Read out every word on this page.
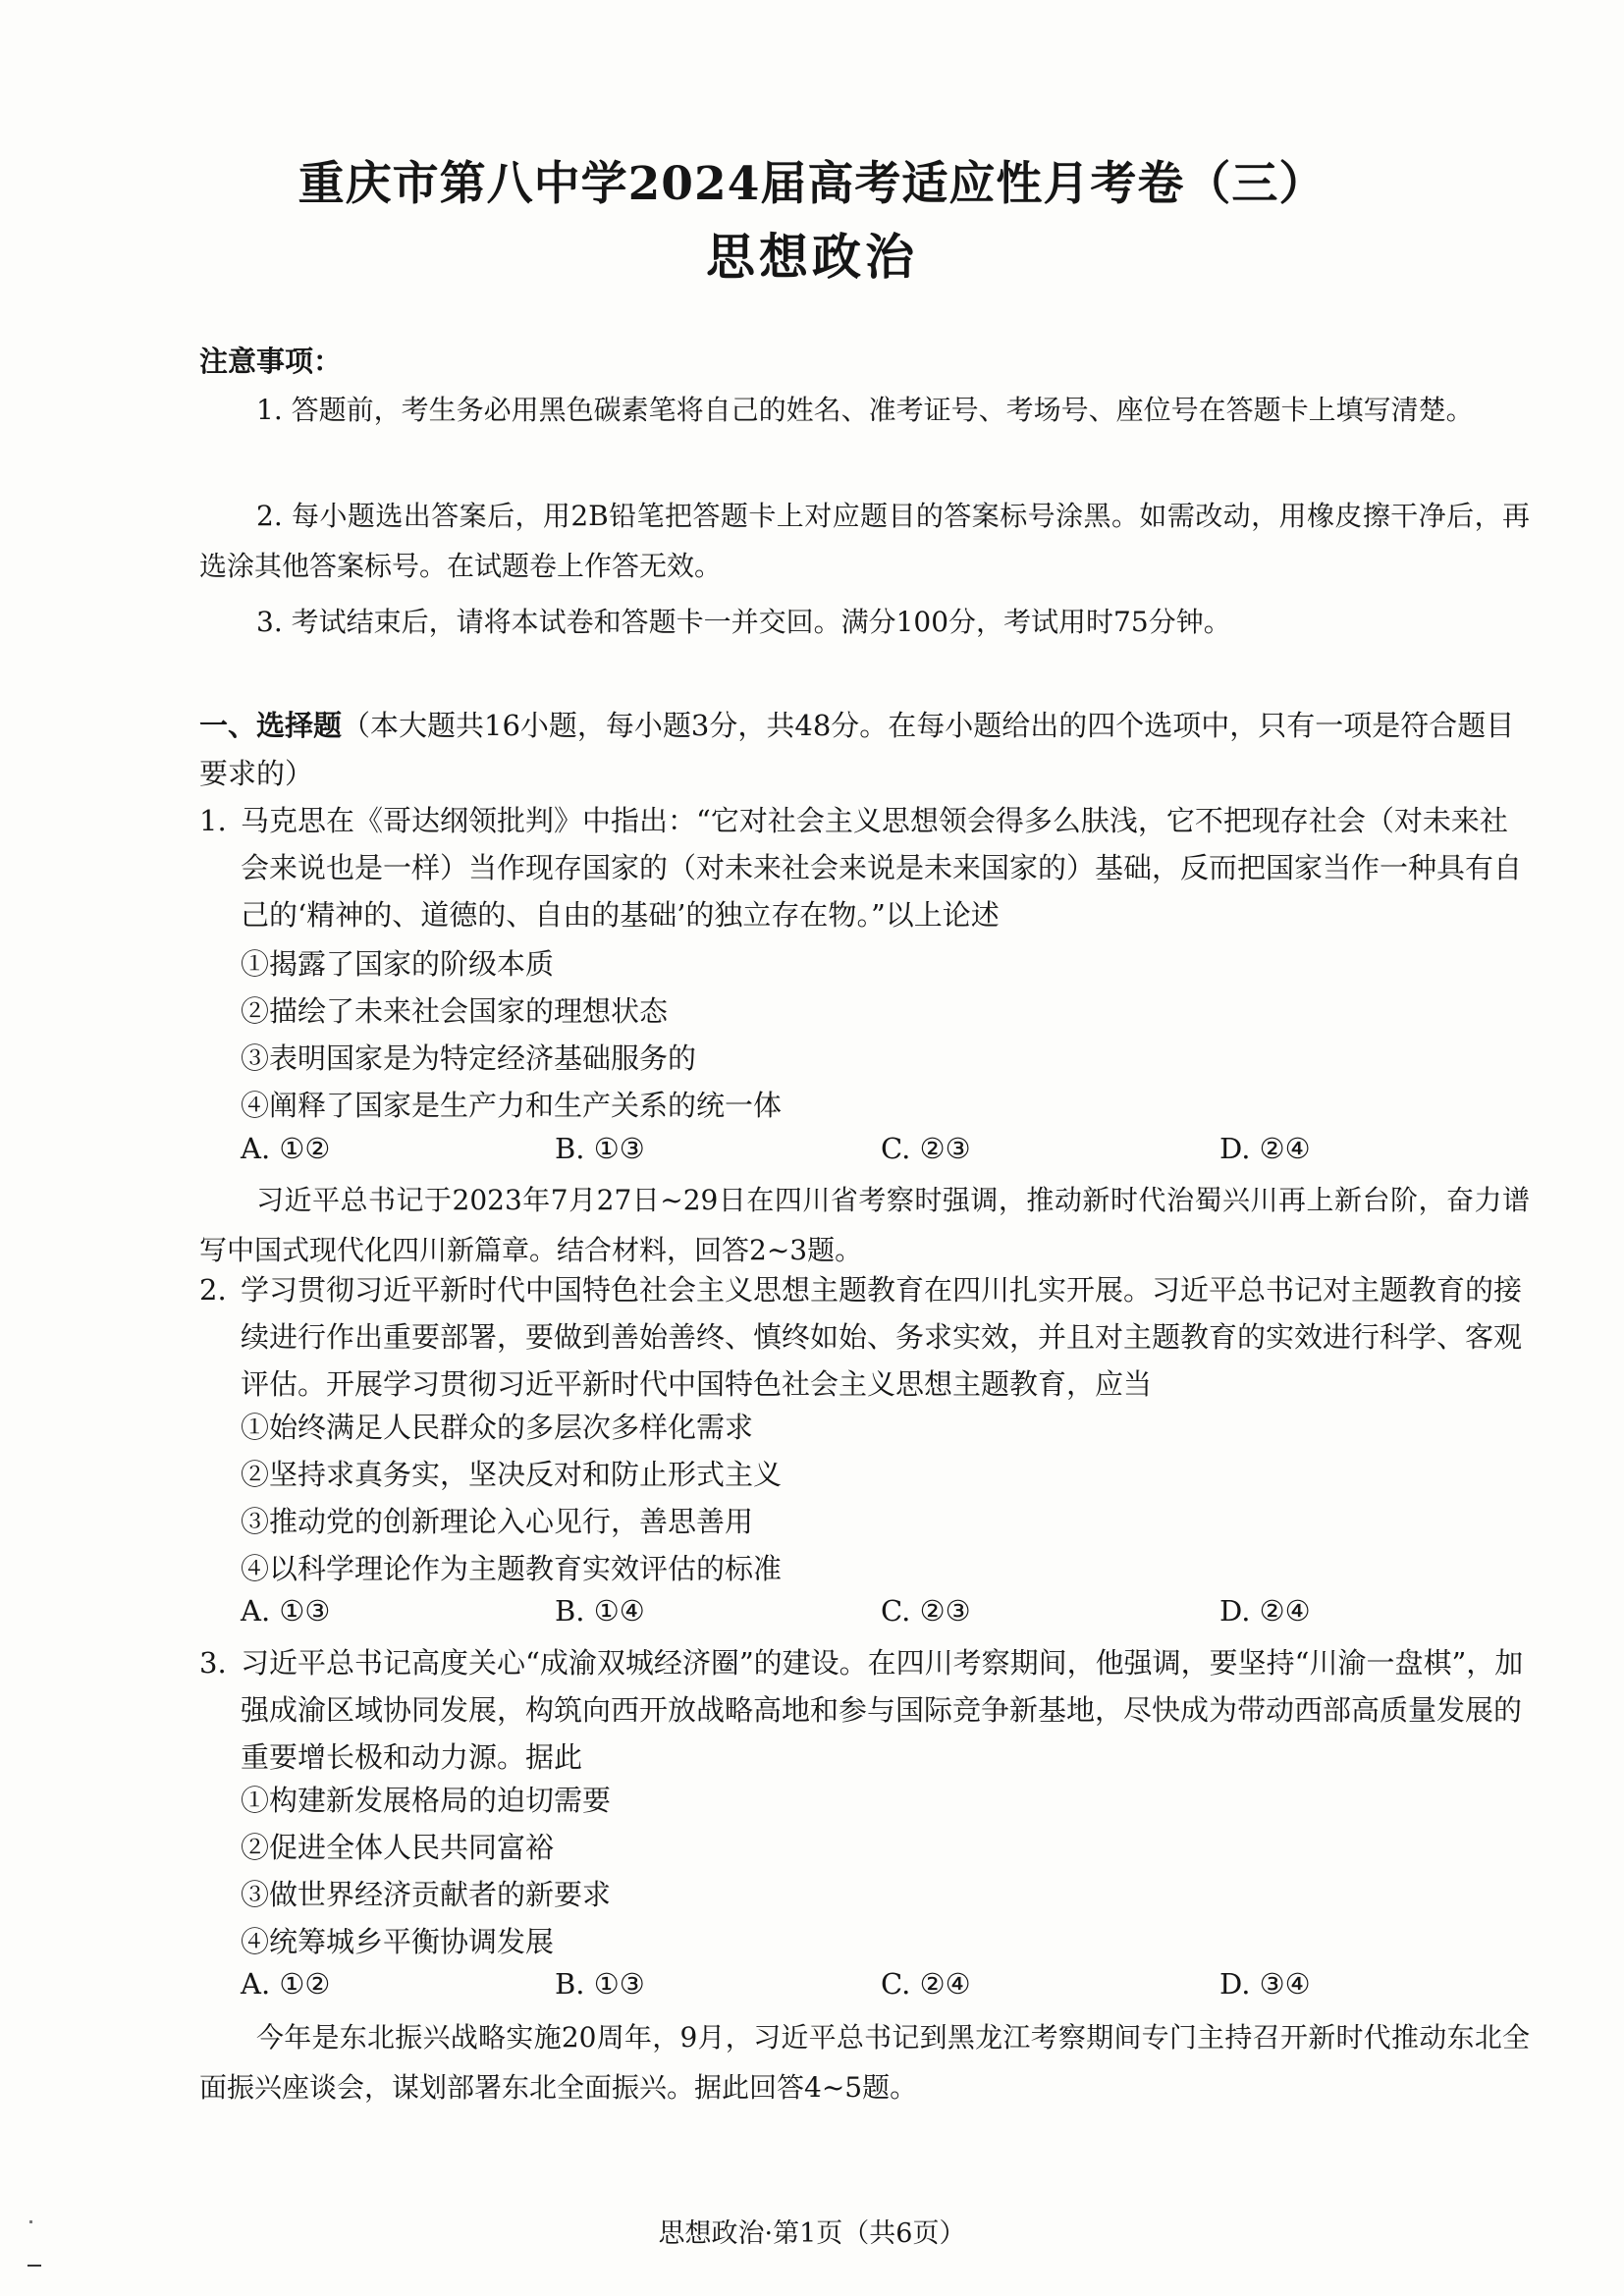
重庆市第八中学2024届高考适应性月考卷（三）
思想政治
注意事项：
1. 答题前，考生务必用黑色碳素笔将自己的姓名、准考证号、考场号、座位号在答题卡上填写清楚。
2. 每小题选出答案后，用2B铅笔把答题卡上对应题目的答案标号涂黑。如需改动，用橡皮擦干净后，再选涂其他答案标号。在试题卷上作答无效。
3. 考试结束后，请将本试卷和答题卡一并交回。满分100分，考试用时75分钟。
一、选择题（本大题共16小题，每小题3分，共48分。在每小题给出的四个选项中，只有一项是符合题目要求的）
1. 马克思在《哥达纲领批判》中指出：“它对社会主义思想领会得多么肤浅，它不把现存社会（对未来社会来说也是一样）当作现存国家的（对未来社会来说是未来国家的）基础，反而把国家当作一种具有自己的‘精神的、道德的、自由的基础’的独立存在物。”以上论述
①揭露了国家的阶级本质
②描绘了未来社会国家的理想状态
③表明国家是为特定经济基础服务的
④阐释了国家是生产力和生产关系的统一体
A. ①②	B. ①③	C. ②③	D. ②④
习近平总书记于2023年7月27日~29日在四川省考察时强调，推动新时代治蜀兴川再上新台阶，奋力谱写中国式现代化四川新篇章。结合材料，回答2~3题。
2. 学习贯彻习近平新时代中国特色社会主义思想主题教育在四川扎实开展。习近平总书记对主题教育的接续进行作出重要部署，要做到善始善终、慎终如始、务求实效，并且对主题教育的实效进行科学、客观评估。开展学习贯彻习近平新时代中国特色社会主义思想主题教育，应当
①始终满足人民群众的多层次多样化需求
②坚持求真务实，坚决反对和防止形式主义
③推动党的创新理论入心见行，善思善用
④以科学理论作为主题教育实效评估的标准
A. ①③	B. ①④	C. ②③	D. ②④
3. 习近平总书记高度关心“成渝双城经济圈”的建设。在四川考察期间，他强调，要坚持“川渝一盘棋”，加强成渝区域协同发展，构筑向西开放战略高地和参与国际竞争新基地，尽快成为带动西部高质量发展的重要增长极和动力源。据此
①构建新发展格局的迫切需要
②促进全体人民共同富裕
③做世界经济贡献者的新要求
④统筹城乡平衡协调发展
A. ①②	B. ①③	C. ②④	D. ③④
今年是东北振兴战略实施20周年，9月，习近平总书记到黑龙江考察期间专门主持召开新时代推动东北全面振兴座谈会，谋划部署东北全面振兴。据此回答4~5题。
思想政治·第1页（共6页）
